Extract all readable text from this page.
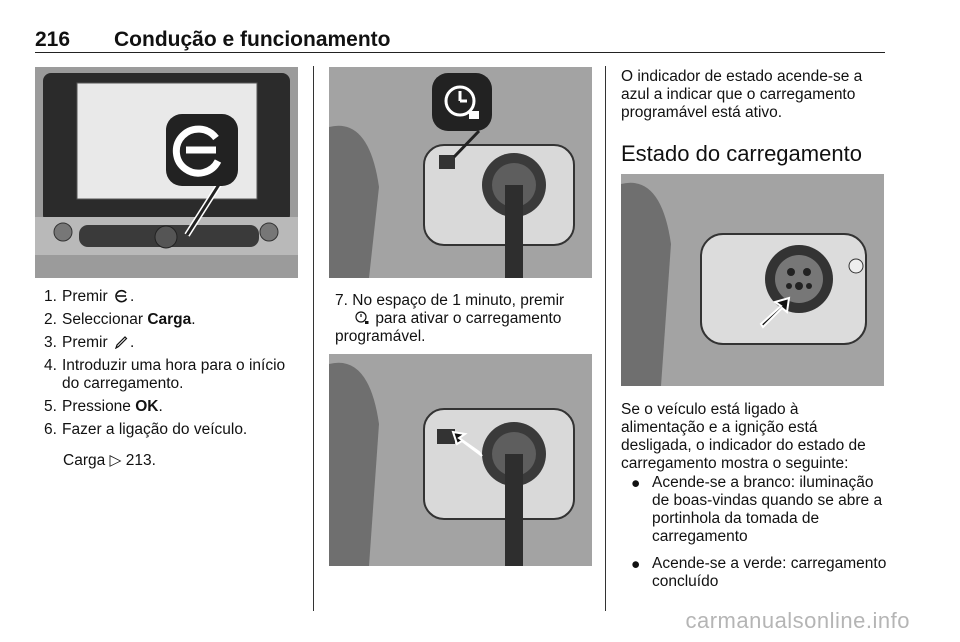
216 Condução e funcionamento
1. Premir .
2. Seleccionar Carga.
3. Premir .
4. Introduzir uma hora para o início do carregamento.
5. Pressione OK.
6. Fazer a ligação do veículo.
Carga ▷ 213.
7. No espaço de 1 minuto, premir
para ativar o carregamento programável.

O indicador de estado acende-se a azul a indicar que o carregamento programável está ativo.

Estado do carregamento

Se o veículo está ligado à alimentação e a ignição está desligada, o indicador do estado de carregamento mostra o seguinte:

● Acende-se a branco: iluminação de boas-vindas quando se abre a portinhola da tomada de carregamento
● Acende-se a verde: carregamento concluído
carmanualsonline.info
